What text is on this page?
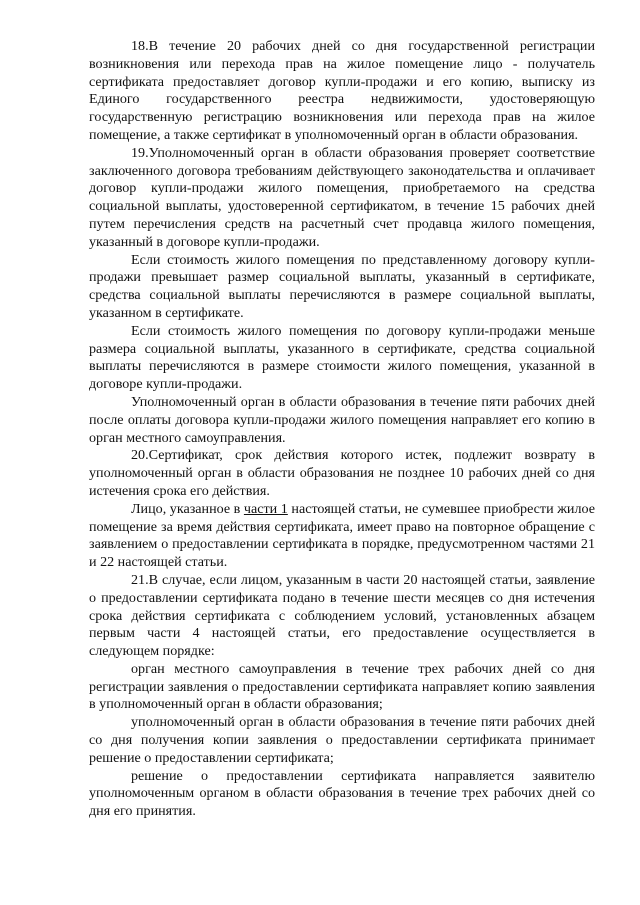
18.В течение 20 рабочих дней со дня государственной регистрации возникновения или перехода прав на жилое помещение лицо - получатель сертификата предоставляет договор купли-продажи и его копию, выписку из Единого государственного реестра недвижимости, удостоверяющую государственную регистрацию возникновения или перехода прав на жилое помещение, а также сертификат в уполномоченный орган в области образования.

19.Уполномоченный орган в области образования проверяет соответствие заключенного договора требованиям действующего законодательства и оплачивает договор купли-продажи жилого помещения, приобретаемого на средства социальной выплаты, удостоверенной сертификатом, в течение 15 рабочих дней путем перечисления средств на расчетный счет продавца жилого помещения, указанный в договоре купли-продажи.

Если стоимость жилого помещения по представленному договору купли-продажи превышает размер социальной выплаты, указанный в сертификате, средства социальной выплаты перечисляются в размере социальной выплаты, указанном в сертификате.

Если стоимость жилого помещения по договору купли-продажи меньше размера социальной выплаты, указанного в сертификате, средства социальной выплаты перечисляются в размере стоимости жилого помещения, указанной в договоре купли-продажи.

Уполномоченный орган в области образования в течение пяти рабочих дней после оплаты договора купли-продажи жилого помещения направляет его копию в орган местного самоуправления.

20.Сертификат, срок действия которого истек, подлежит возврату в уполномоченный орган в области образования не позднее 10 рабочих дней со дня истечения срока его действия.

Лицо, указанное в части 1 настоящей статьи, не сумевшее приобрести жилое помещение за время действия сертификата, имеет право на повторное обращение с заявлением о предоставлении сертификата в порядке, предусмотренном частями 21 и 22 настоящей статьи.

21.В случае, если лицом, указанным в части 20 настоящей статьи, заявление о предоставлении сертификата подано в течение шести месяцев со дня истечения срока действия сертификата с соблюдением условий, установленных абзацем первым части 4 настоящей статьи, его предоставление осуществляется в следующем порядке:

орган местного самоуправления в течение трех рабочих дней со дня регистрации заявления о предоставлении сертификата направляет копию заявления в уполномоченный орган в области образования;

уполномоченный орган в области образования в течение пяти рабочих дней со дня получения копии заявления о предоставлении сертификата принимает решение о предоставлении сертификата;

решение о предоставлении сертификата направляется заявителю уполномоченным органом в области образования в течение трех рабочих дней со дня его принятия.
